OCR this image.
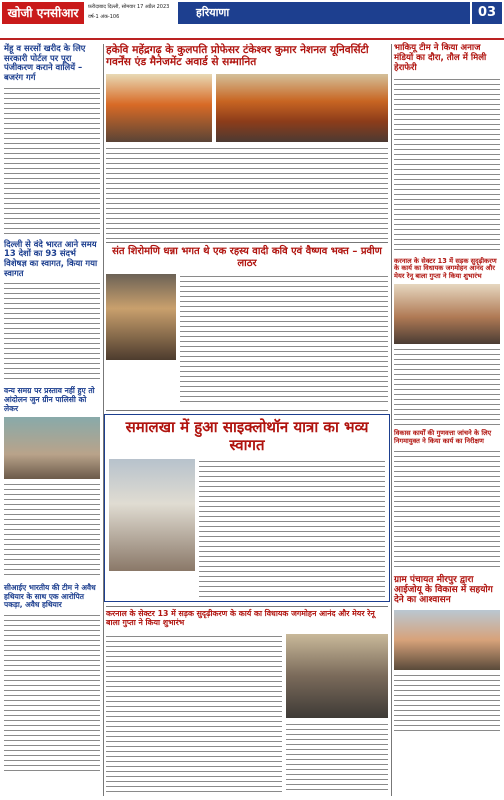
खोजी एनसीआर	फ़रीदाबाद दिल्ली, सोमवार 17 अप्रैल 2023
वर्ष-1 अंक-106	हरियाणा	03
मेंहू व सरसों खरीद के लिए सरकारी पोर्टल पर पूरा पंजीकरण कराने वालियें – बजरंग गर्ग
दिल्ली से वंदे भारत आने समय 13 देशों का 93 संदर्भ विशेषज्ञ का स्वागत, किया गया स्वागत
वन्य समग्र पर प्रस्ताव नहीं हुए तो आंदोलन जुन ग्रीन पालिसी को लेकर
सीआईए भारतीय की टीम ने अवैध हथियार के साथ एक आरोपित पकड़ा, अवैध हथियार
हकेवि महेंद्रगढ़ के कुलपति प्रोफेसर टंकेश्वर कुमार नेशनल यूनिवर्सिटी गवर्नेंस एंड मैनेजमेंट अवार्ड से सम्मानित
संत शिरोमणि धन्ना भगत थे एक रहस्य वादी कवि एवं वैष्णव भक्त – प्रवीण लाठर
समालखा में हुआ साइक्लोथॉन यात्रा का भव्य स्वागत
करनाल के सेक्टर 13 में सड़क सुदृढ़ीकरण के कार्य का विधायक जगमोहन आनंद और मेयर रेनू बाला गुप्ता ने किया शुभारंभ
भाकियू टीम ने किया अनाज मंडियों का दौरा, तौल में मिली हेराफेरी
करनाल के सेक्टर 13 में सड़क सुदृढ़ीकरण के कार्य का विधायक जगमोहन आनंद और मेयर रेनू बाला गुप्ता ने किया शुभारंभ
विकास कार्यों की गुणवत्ता जांचने के लिए निगमायुक्त ने किया कार्य का निरीक्षण
ग्राम पंचायत मीरपुर द्वारा आईजोयू के विकास में सहयोग देने का आश्वासन
